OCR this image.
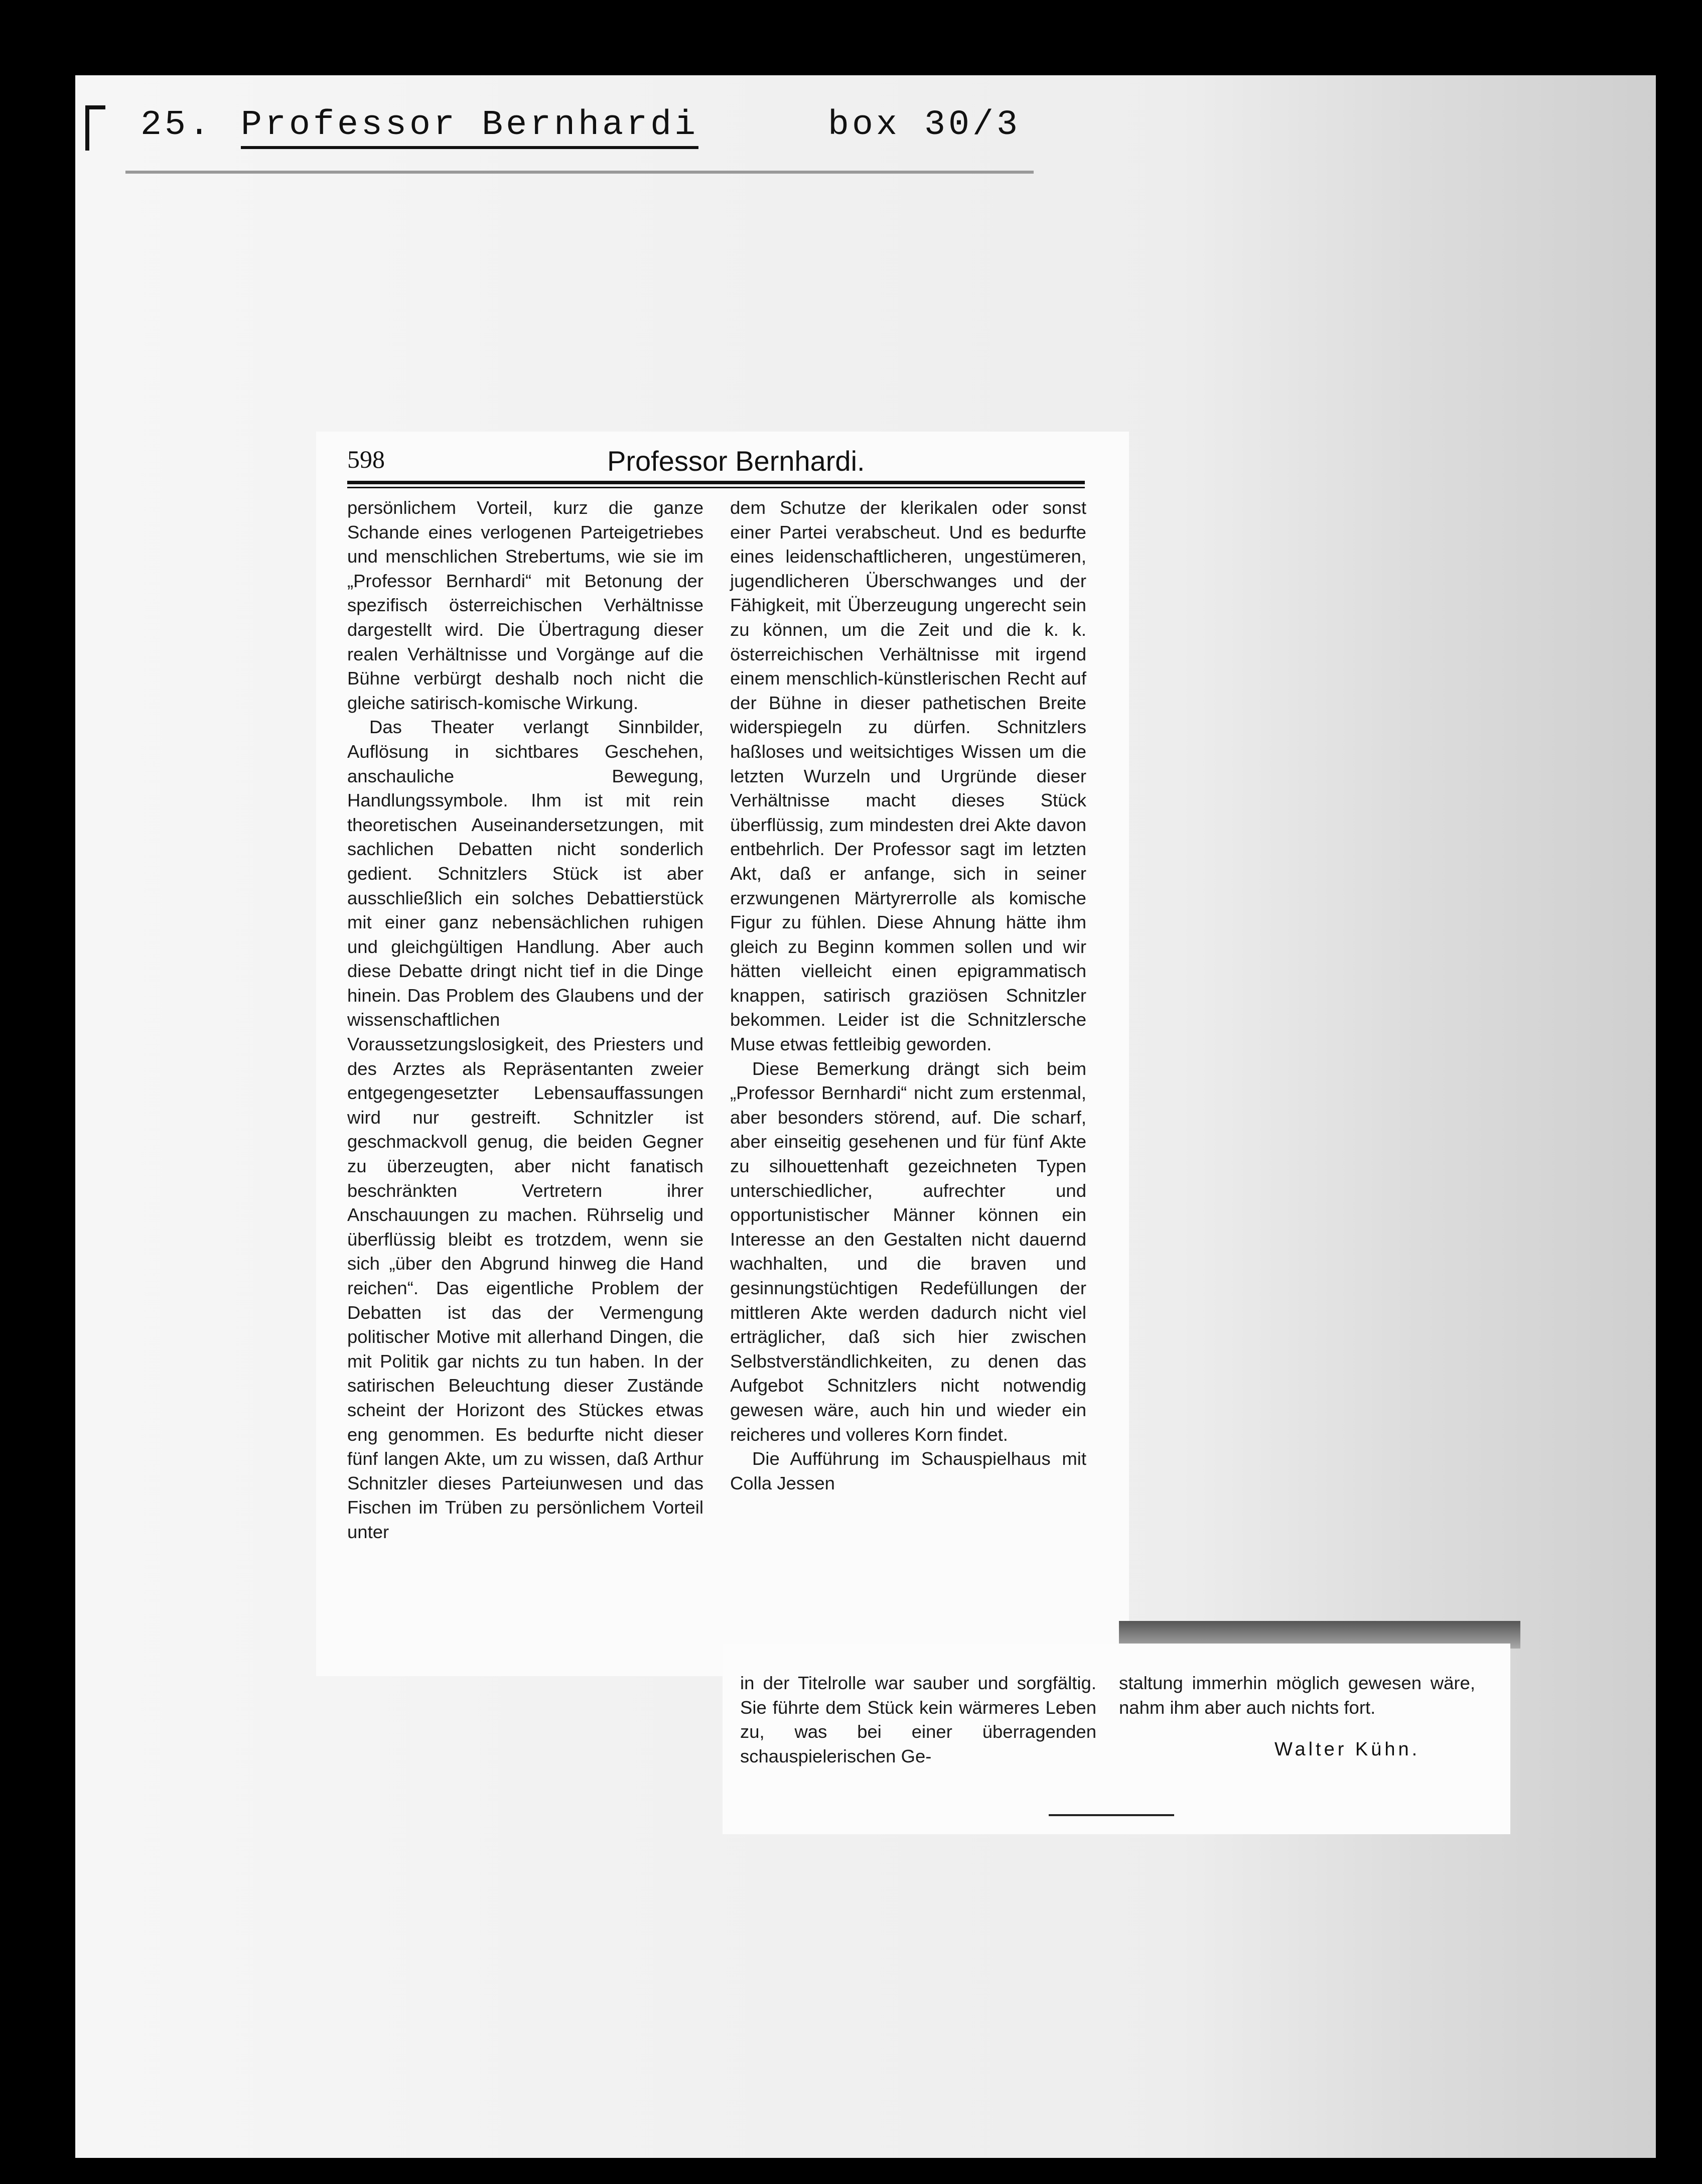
25. Professor Bernhardi	box 30/3
598	Professor Bernhardi.

persönlichem Vorteil, kurz die ganze Schande eines verlogenen Parteigetriebes und menschlichen Strebertums, wie sie im „Professor Bernhardi“ mit Betonung der spezifisch österreichischen Verhältnisse dargestellt wird. Die Übertragung dieser realen Verhältnisse und Vorgänge auf die Bühne verbürgt deshalb noch nicht die gleiche satirisch-komische Wirkung.

Das Theater verlangt Sinnbilder, Auflösung in sichtbares Geschehen, anschauliche Bewegung, Handlungssymbole. Ihm ist mit rein theoretischen Auseinandersetzungen, mit sachlichen Debatten nicht sonderlich gedient. Schnitzlers Stück ist aber ausschließlich ein solches Debattierstück mit einer ganz nebensächlichen ruhigen und gleichgültigen Handlung. Aber auch diese Debatte dringt nicht tief in die Dinge hinein. Das Problem des Glaubens und der wissenschaftlichen Voraussetzungslosigkeit, des Priesters und des Arztes als Repräsentanten zweier entgegengesetzter Lebensauffassungen wird nur gestreift. Schnitzler ist geschmackvoll genug, die beiden Gegner zu überzeugten, aber nicht fanatisch beschränkten Vertretern ihrer Anschauungen zu machen. Rührselig und überflüssig bleibt es trotzdem, wenn sie sich „über den Abgrund hinweg die Hand reichen“. Das eigentliche Problem der Debatten ist das der Vermengung politischer Motive mit allerhand Dingen, die mit Politik gar nichts zu tun haben. In der satirischen Beleuchtung dieser Zustände scheint der Horizont des Stückes etwas eng genommen. Es bedurfte nicht dieser fünf langen Akte, um zu wissen, daß Arthur Schnitzler dieses Parteiunwesen und das Fischen im Trüben zu persönlichem Vorteil unter

dem Schutze der klerikalen oder sonst einer Partei verabscheut. Und es bedurfte eines leidenschaftlicheren, ungestümeren, jugendlicheren Überschwanges und der Fähigkeit, mit Überzeugung ungerecht sein zu können, um die Zeit und die k. k. österreichischen Verhältnisse mit irgend einem menschlich-künstlerischen Recht auf der Bühne in dieser pathetischen Breite widerspiegeln zu dürfen. Schnitzlers haßloses und weitsichtiges Wissen um die letzten Wurzeln und Urgründe dieser Verhältnisse macht dieses Stück überflüssig, zum mindesten drei Akte davon entbehrlich. Der Professor sagt im letzten Akt, daß er anfange, sich in seiner erzwungenen Märtyrerrolle als komische Figur zu fühlen. Diese Ahnung hätte ihm gleich zu Beginn kommen sollen und wir hätten vielleicht einen epigrammatisch knappen, satirisch graziösen Schnitzler bekommen. Leider ist die Schnitzlersche Muse etwas fettleibig geworden.

Diese Bemerkung drängt sich beim „Professor Bernhardi“ nicht zum erstenmal, aber besonders störend, auf. Die scharf, aber einseitig gesehenen und für fünf Akte zu silhouettenhaft gezeichneten Typen unterschiedlicher, aufrechter und opportunistischer Männer können ein Interesse an den Gestalten nicht dauernd wachhalten, und die braven und gesinnungstüchtigen Redefüllungen der mittleren Akte werden dadurch nicht viel erträglicher, daß sich hier zwischen Selbstverständlichkeiten, zu denen das Aufgebot Schnitzlers nicht notwendig gewesen wäre, auch hin und wieder ein reicheres und volleres Korn findet.

Die Aufführung im Schauspielhaus mit Colla Jessen

in der Titelrolle war sauber und sorgfältig. Sie führte dem Stück kein wärmeres Leben zu, was bei einer überragenden schauspielerischen Ge-

staltung immerhin möglich gewesen wäre, nahm ihm aber auch nichts fort.

Walter Kühn.
